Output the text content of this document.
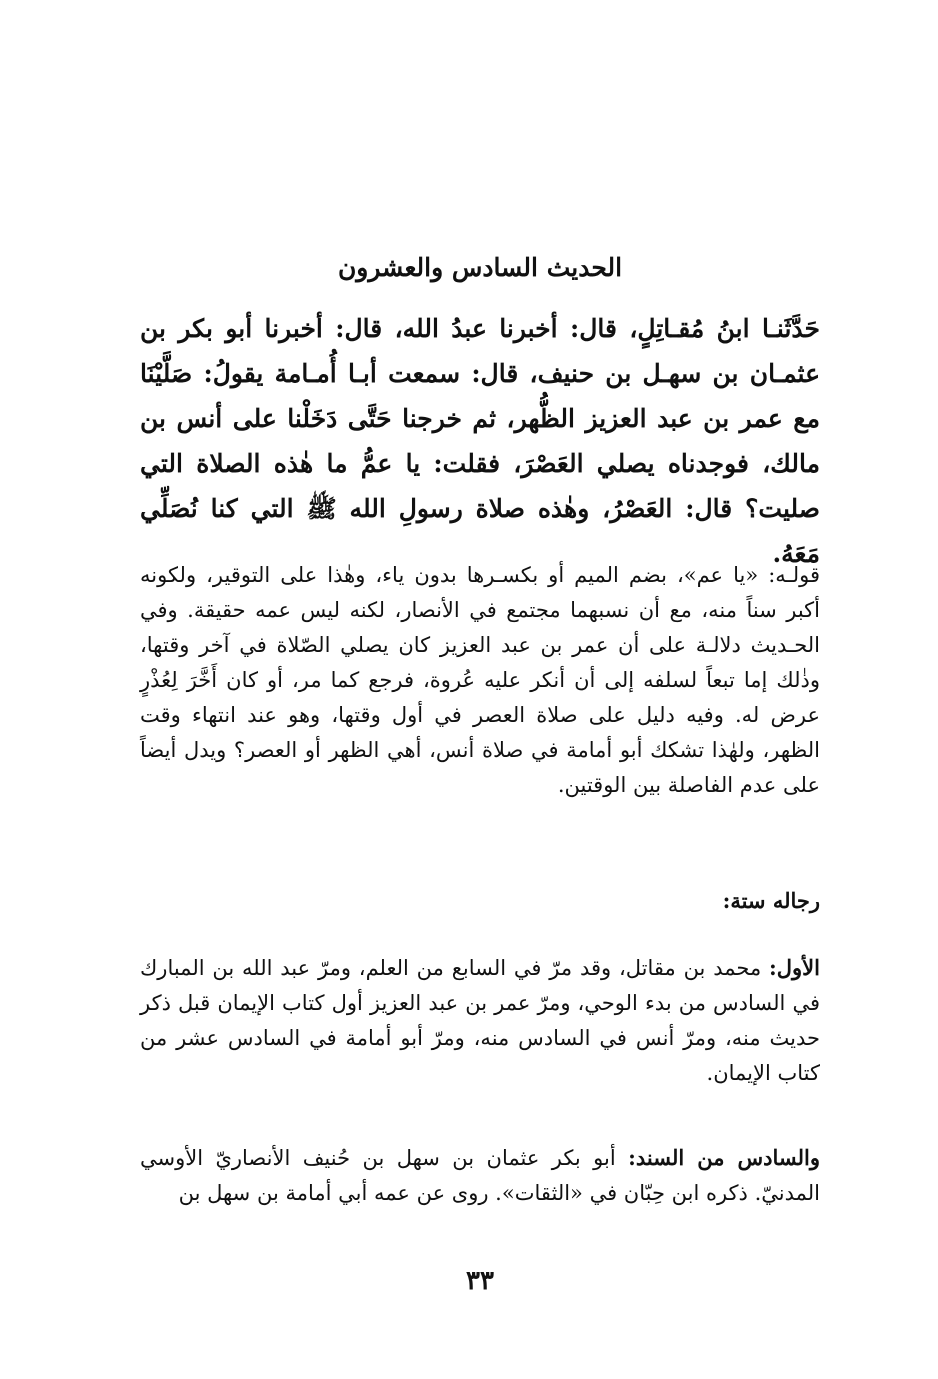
الحديث السادس والعشرون

حَدَّثَنـا ابنُ مُقـاتِلٍ، قال: أخبرنا عبدُ الله، قال: أخبرنا أبو بكر بن عثمـان بن سهـل بن حنيف، قال: سمعت أبـا أُمـامة يقولُ: صَلَّيْنَا مع عمر بن عبد العزيز الظُّهر، ثم خرجنا حَتَّى دَخَلْنا على أنس بن مالك، فوجدناه يصلي العَصْرَ، فقلت: يا عمُّ ما هٰذه الصلاة التي صليت؟ قال: العَصْرُ، وهٰذه صلاة رسولِ الله ﷺ التي كنا نُصَلِّي مَعَهُ.

قولـه: «يا عم»، بضم الميم أو بكسـرها بدون ياء، وهٰذا على التوقير، ولكونه أكبر سناً منه، مع أن نسبهما مجتمع في الأنصار، لكنه ليس عمه حقيقة. وفي الحـديث دلالـة على أن عمر بن عبد العزيز كان يصلي الصّلاة في آخر وقتها، وذٰلك إما تبعاً لسلفه إلى أن أنكر عليه عُروة، فرجع كما مر، أو كان أَخَّرَ لِعُذْرٍ عرض له. وفيه دليل على صلاة العصر في أول وقتها، وهو عند انتهاء وقت الظهر، ولهٰذا تشكك أبو أمامة في صلاة أنس، أهي الظهر أو العصر؟ ويدل أيضاً على عدم الفاصلة بين الوقتين.

رجاله ستة:

الأول: محمد بن مقاتل، وقد مرّ في السابع من العلم، ومرّ عبد الله بن المبارك في السادس من بدء الوحي، ومرّ عمر بن عبد العزيز أول كتاب الإيمان قبل ذكر حديث منه، ومرّ أنس في السادس منه، ومرّ أبو أمامة في السادس عشر من كتاب الإيمان.

والسادس من السند: أبو بكر عثمان بن سهل بن حُنيف الأنصاريّ الأوسي المدنيّ. ذكره ابن حِبّان في «الثقات». روى عن عمه أبي أمامة بن سهل بن

٣٣
